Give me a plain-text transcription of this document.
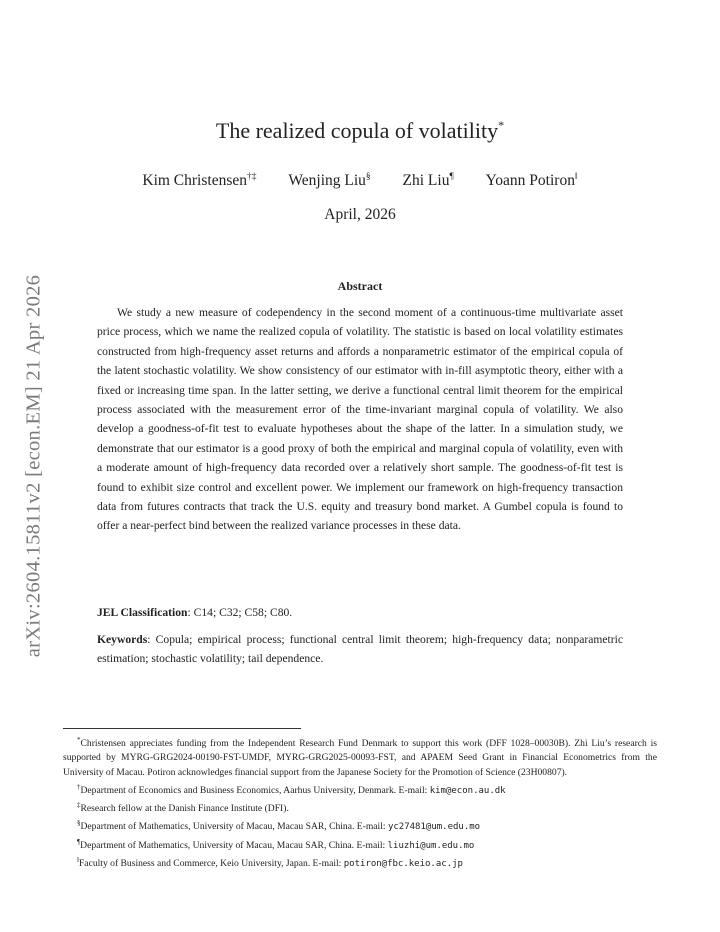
arXiv:2604.15811v2 [econ.EM] 21 Apr 2026
The realized copula of volatility*
Kim Christensen†‡ Wenjing Liu§ Zhi Liu¶ Yoann Potiron‖
April, 2026
Abstract

We study a new measure of codependency in the second moment of a continuous-time multivariate asset price process, which we name the realized copula of volatility. The statistic is based on local volatility estimates constructed from high-frequency asset returns and affords a nonparametric estimator of the empirical copula of the latent stochastic volatility. We show consistency of our estimator with in-fill asymptotic theory, either with a fixed or increasing time span. In the latter setting, we derive a functional central limit theorem for the empirical process associated with the measurement error of the time-invariant marginal copula of volatility. We also develop a goodness-of-fit test to evaluate hypotheses about the shape of the latter. In a simulation study, we demonstrate that our estimator is a good proxy of both the empirical and marginal copula of volatility, even with a moderate amount of high-frequency data recorded over a relatively short sample. The goodness-of-fit test is found to exhibit size control and excellent power. We implement our framework on high-frequency transaction data from futures contracts that track the U.S. equity and treasury bond market. A Gumbel copula is found to offer a near-perfect bind between the realized variance processes in these data.

JEL Classification: C14; C32; C58; C80.
Keywords: Copula; empirical process; functional central limit theorem; high-frequency data; nonparametric estimation; stochastic volatility; tail dependence.

*Christensen appreciates funding from the Independent Research Fund Denmark to support this work (DFF 1028–00030B). Zhi Liu’s research is supported by MYRG-GRG2024-00190-FST-UMDF, MYRG-GRG2025-00093-FST, and APAEM Seed Grant in Financial Econometrics from the University of Macau. Potiron acknowledges financial support from the Japanese Society for the Promotion of Science (23H00807).

†Department of Economics and Business Economics, Aarhus University, Denmark. E-mail: kim@econ.au.dk

‡Research fellow at the Danish Finance Institute (DFI).

§Department of Mathematics, University of Macau, Macau SAR, China. E-mail: yc27481@um.edu.mo

¶Department of Mathematics, University of Macau, Macau SAR, China. E-mail: liuzhi@um.edu.mo

‖Faculty of Business and Commerce, Keio University, Japan. E-mail: potiron@fbc.keio.ac.jp
